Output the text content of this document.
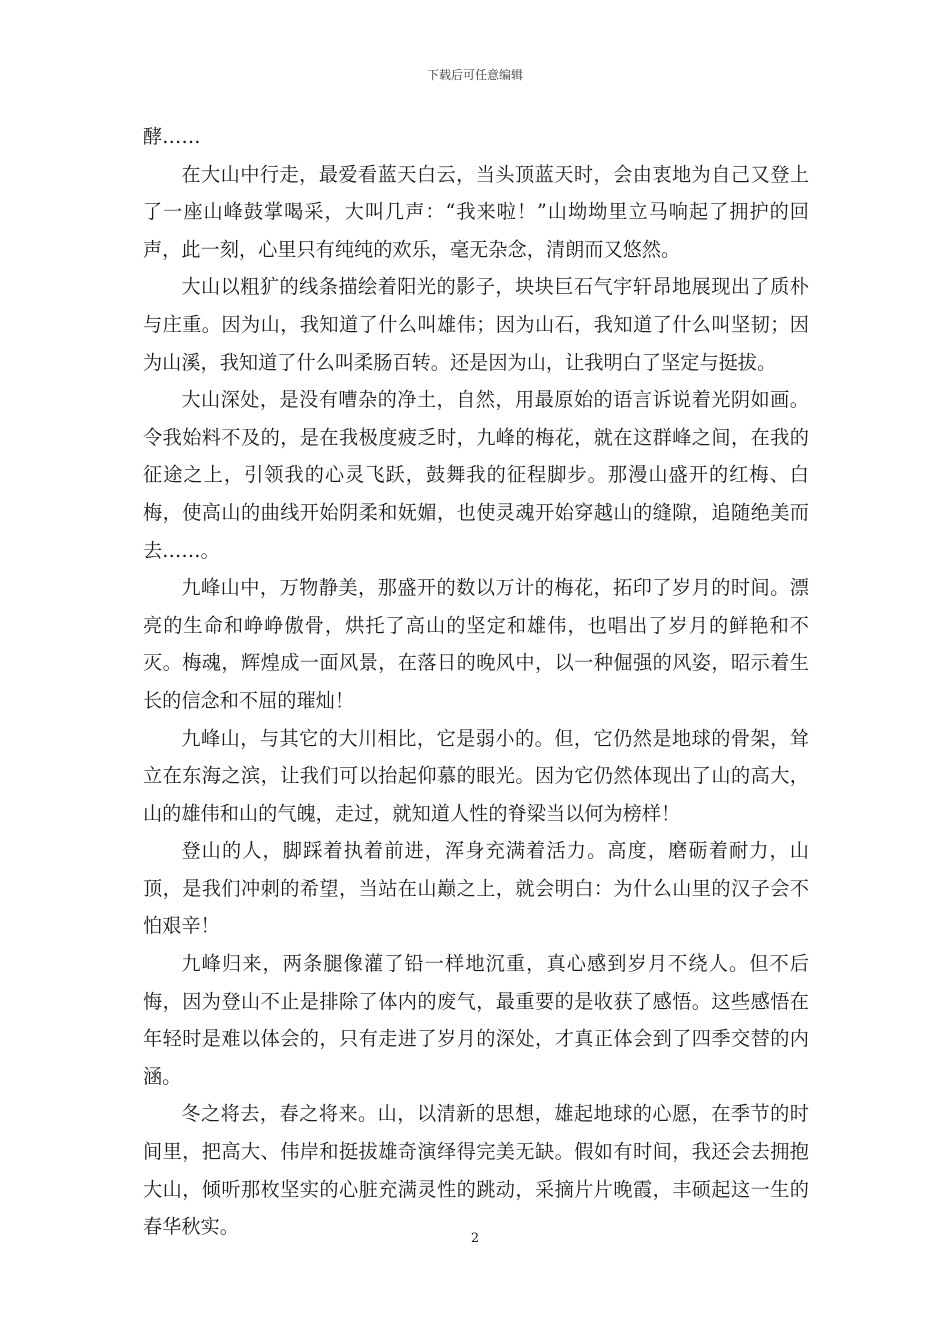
下载后可任意编辑

酵……

在大山中行走，最爱看蓝天白云，当头顶蓝天时，会由衷地为自己又登上了一座山峰鼓掌喝采，大叫几声：“我来啦！”山坳坳里立马响起了拥护的回声，此一刻，心里只有纯纯的欢乐，毫无杂念，清朗而又悠然。

大山以粗犷的线条描绘着阳光的影子，块块巨石气宇轩昂地展现出了质朴与庄重。因为山，我知道了什么叫雄伟；因为山石，我知道了什么叫坚韧；因为山溪，我知道了什么叫柔肠百转。还是因为山，让我明白了坚定与挺拔。

大山深处，是没有嘈杂的净土，自然，用最原始的语言诉说着光阴如画。令我始料不及的，是在我极度疲乏时，九峰的梅花，就在这群峰之间，在我的征途之上，引领我的心灵飞跃，鼓舞我的征程脚步。那漫山盛开的红梅、白梅，使高山的曲线开始阴柔和妩媚，也使灵魂开始穿越山的缝隙，追随绝美而去……。

九峰山中，万物静美，那盛开的数以万计的梅花，拓印了岁月的时间。漂亮的生命和峥峥傲骨，烘托了高山的坚定和雄伟，也唱出了岁月的鲜艳和不灭。梅魂，辉煌成一面风景，在落日的晚风中，以一种倔强的风姿，昭示着生长的信念和不屈的璀灿！

九峰山，与其它的大川相比，它是弱小的。但，它仍然是地球的骨架，耸立在东海之滨，让我们可以抬起仰慕的眼光。因为它仍然体现出了山的高大，山的雄伟和山的气魄，走过，就知道人性的脊梁当以何为榜样！

登山的人，脚踩着执着前进，浑身充满着活力。高度，磨砺着耐力，山顶，是我们冲刺的希望，当站在山巅之上，就会明白：为什么山里的汉子会不怕艰辛！

九峰归来，两条腿像灌了铅一样地沉重，真心感到岁月不绕人。但不后悔，因为登山不止是排除了体内的废气，最重要的是收获了感悟。这些感悟在年轻时是难以体会的，只有走进了岁月的深处，才真正体会到了四季交替的内涵。

冬之将去，春之将来。山，以清新的思想，雄起地球的心愿，在季节的时间里，把高大、伟岸和挺拔雄奇演绎得完美无缺。假如有时间，我还会去拥抱大山，倾听那枚坚实的心脏充满灵性的跳动，采摘片片晚霞，丰硕起这一生的春华秋实。

2
